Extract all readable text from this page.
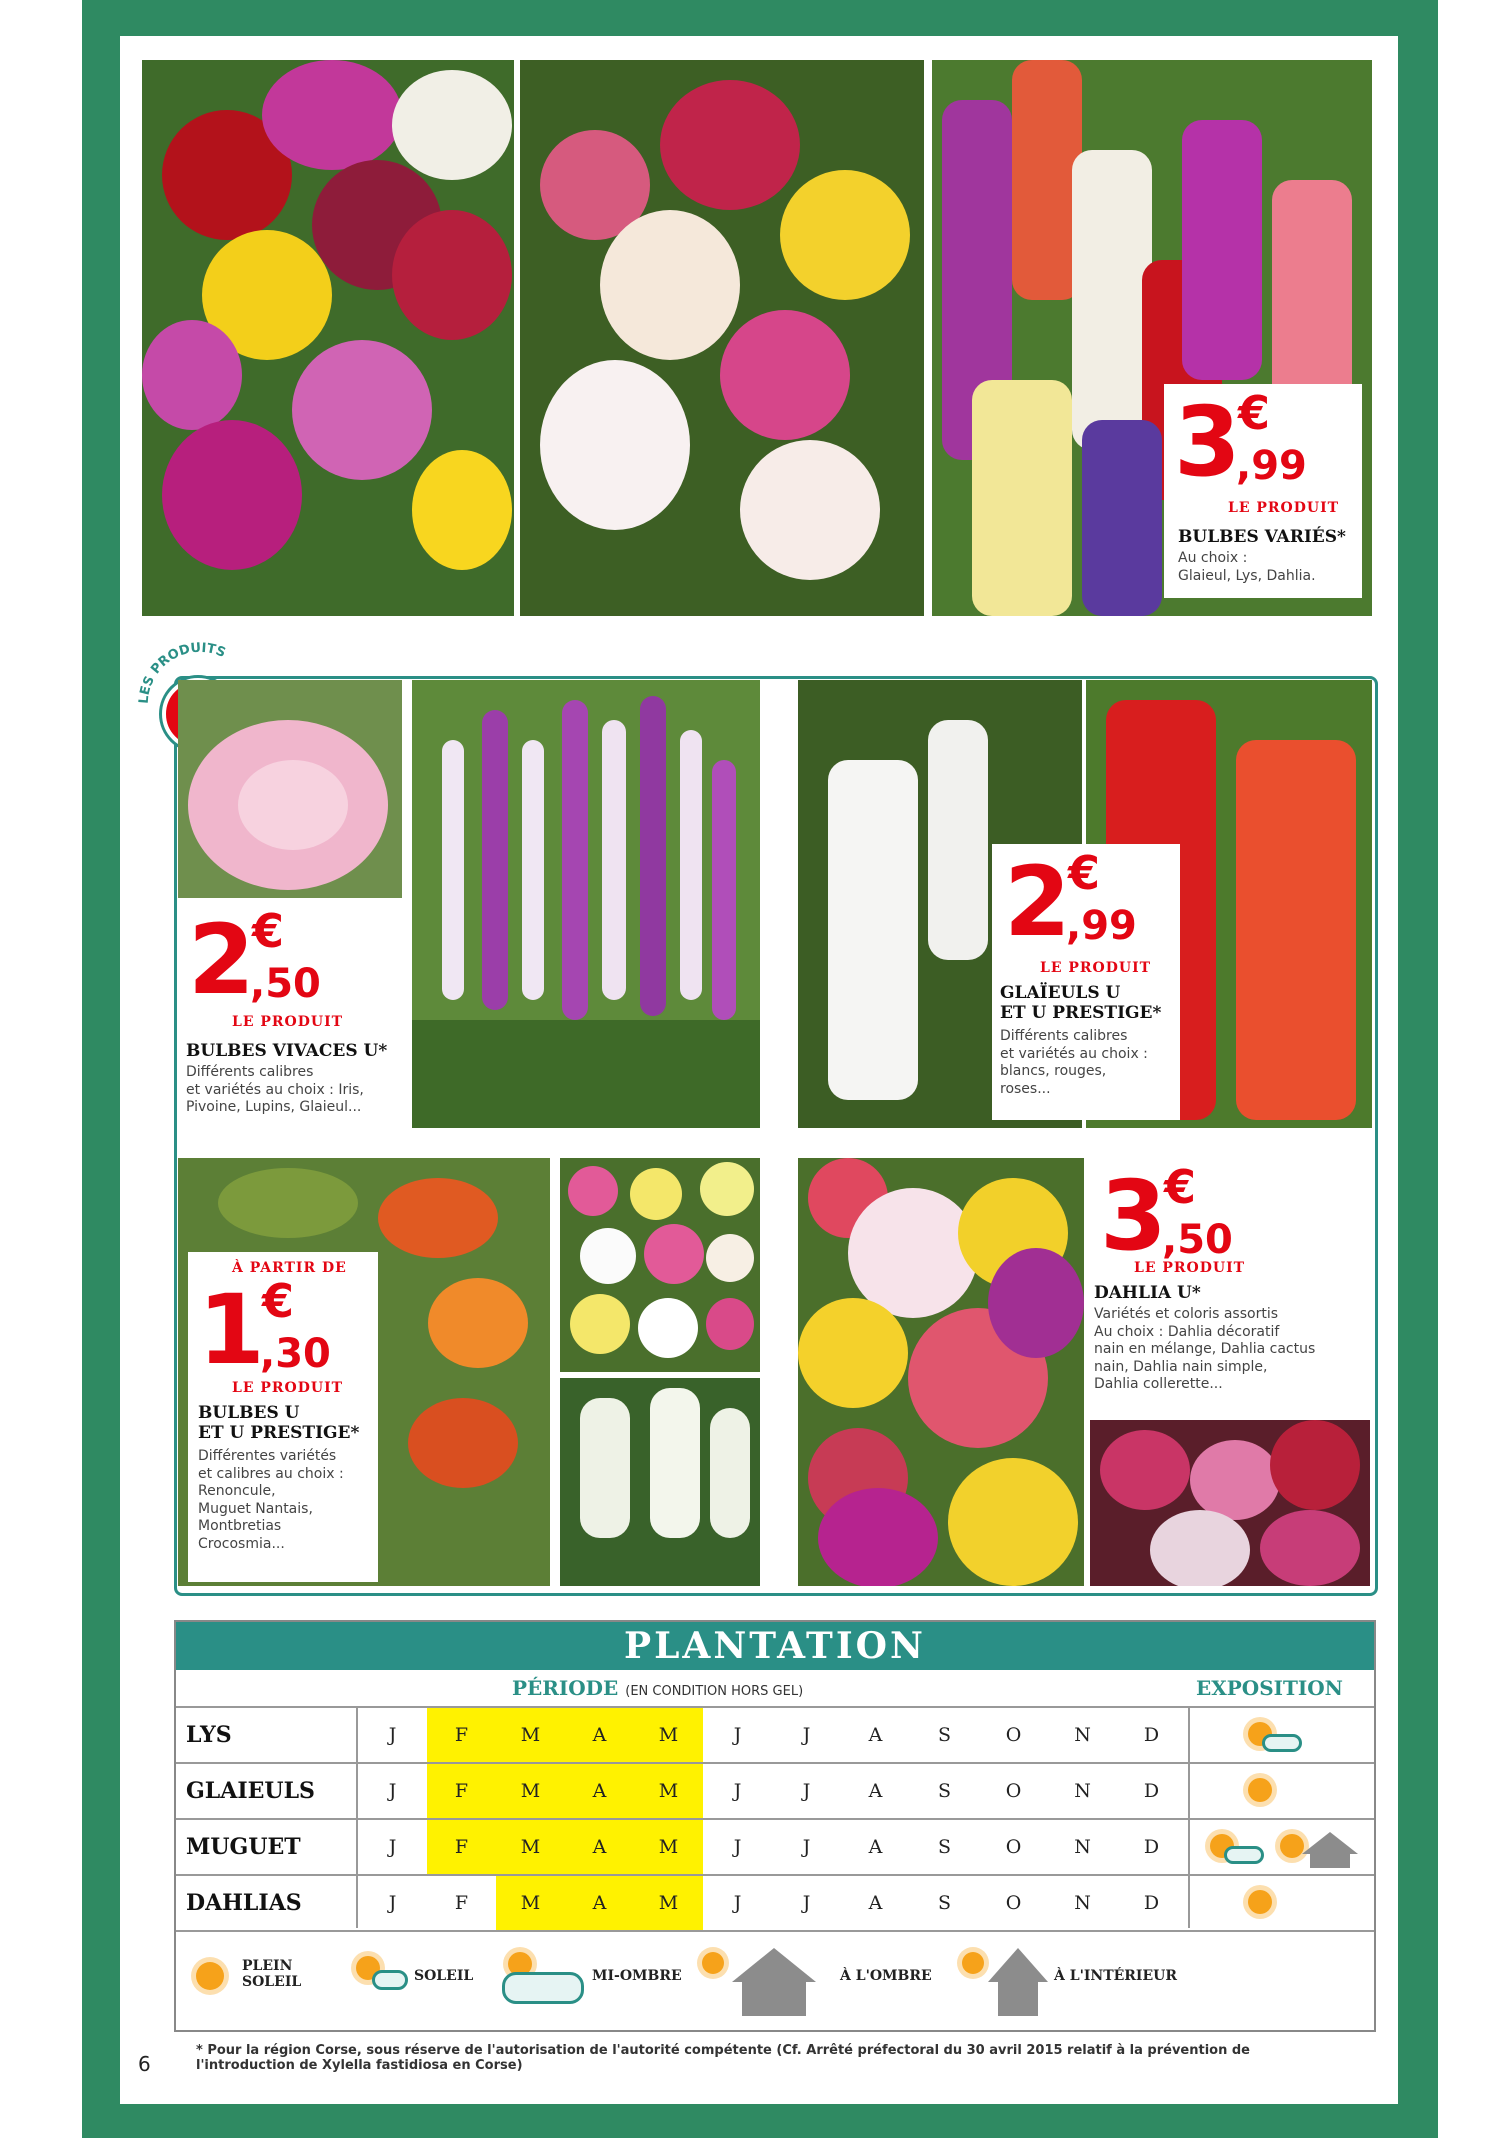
3 €
,99
LE PRODUIT
BULBES VARIÉS*
Au choix :
Glaieul, Lys, Dahlia.
LES PRODUITS
2 €
,50
LE PRODUIT
BULBES VIVACES U*
Différents calibres
et variétés au choix : Iris,
Pivoine, Lupins, Glaieul...
2 €
,99
LE PRODUIT
GLAÏEULS U
ET U PRESTIGE*
Différents calibres
et variétés au choix :
blancs, rouges,
roses...
À PARTIR DE
1 €
,30
LE PRODUIT
BULBES U
ET U PRESTIGE*
Différentes variétés
et calibres au choix :
Renoncule,
Muguet Nantais,
Montbretias
Crocosmia...
3 €
,50
LE PRODUIT
DAHLIA U*
Variétés et coloris assortis
Au choix : Dahlia décoratif
nain en mélange, Dahlia cactus
nain, Dahlia nain simple,
Dahlia collerette...
PLANTATION
PÉRIODE (EN CONDITION HORS GEL)	EXPOSITION
LYS	J	F	M	A	M	J	J	A	S	O	N	D
GLAIEULS	J	F	M	A	M	J	J	A	S	O	N	D
MUGUET	J	F	M	A	M	J	J	A	S	O	N	D
DAHLIAS	J	F	M	A	M	J	J	A	S	O	N	D
PLEIN
SOLEIL	SOLEIL	MI-OMBRE	À L'OMBRE	À L'INTÉRIEUR
6
* Pour la région Corse, sous réserve de l'autorisation de l'autorité compétente (Cf. Arrêté préfectoral du 30 avril 2015 relatif à la prévention de
l'introduction de Xylella fastidiosa en Corse)
